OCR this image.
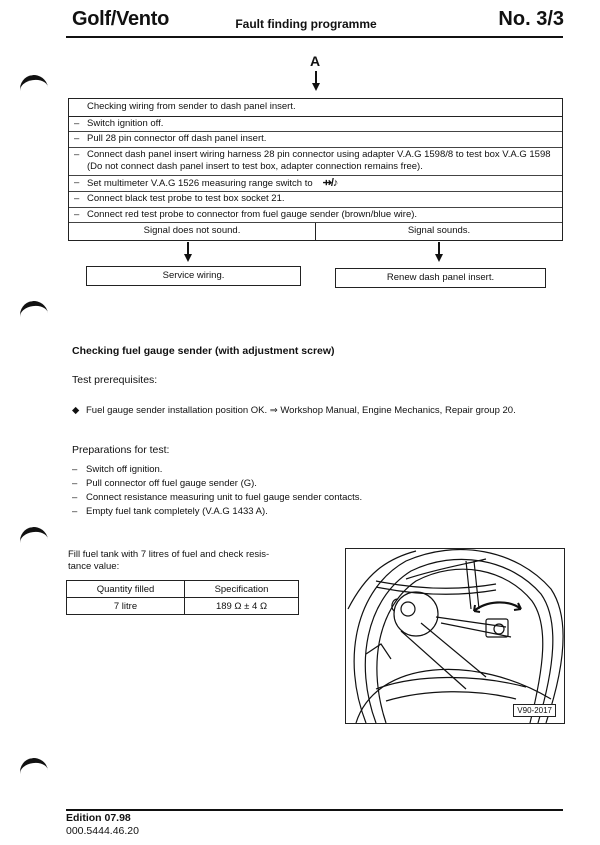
Golf/Vento	Fault finding programme	No. 3/3
A
Checking wiring from sender to dash panel insert.
– Switch ignition off.
– Pull 28 pin connector off dash panel insert.
– Connect dash panel insert wiring harness 28 pin connector using adapter V.A.G 1598/8 to test box V.A.G 1598 (Do not connect dash panel insert to test box, adapter connection remains free).
– Set multimeter V.A.G 1526 measuring range switch to ⇸/♪
– Connect black test probe to test box socket 21.
– Connect red test probe to connector from fuel gauge sender (brown/blue wire).
Signal does not sound.	Signal sounds.
Service wiring.	Renew dash panel insert.
Checking fuel gauge sender (with adjustment screw)
Test prerequisites:
◆ Fuel gauge sender installation position OK. ⇒ Workshop Manual, Engine Mechanics, Repair group 20.
Preparations for test:
– Switch off ignition.
– Pull connector off fuel gauge sender (G).
– Connect resistance measuring unit to fuel gauge sender contacts.
– Empty fuel tank completely (V.A.G 1433 A).
Fill fuel tank with 7 litres of fuel and check resis-
tance value:
Quantity filled	Specification
7 litre	189 Ω ± 4 Ω
V90-2017
Edition 07.98
000.5444.46.20
